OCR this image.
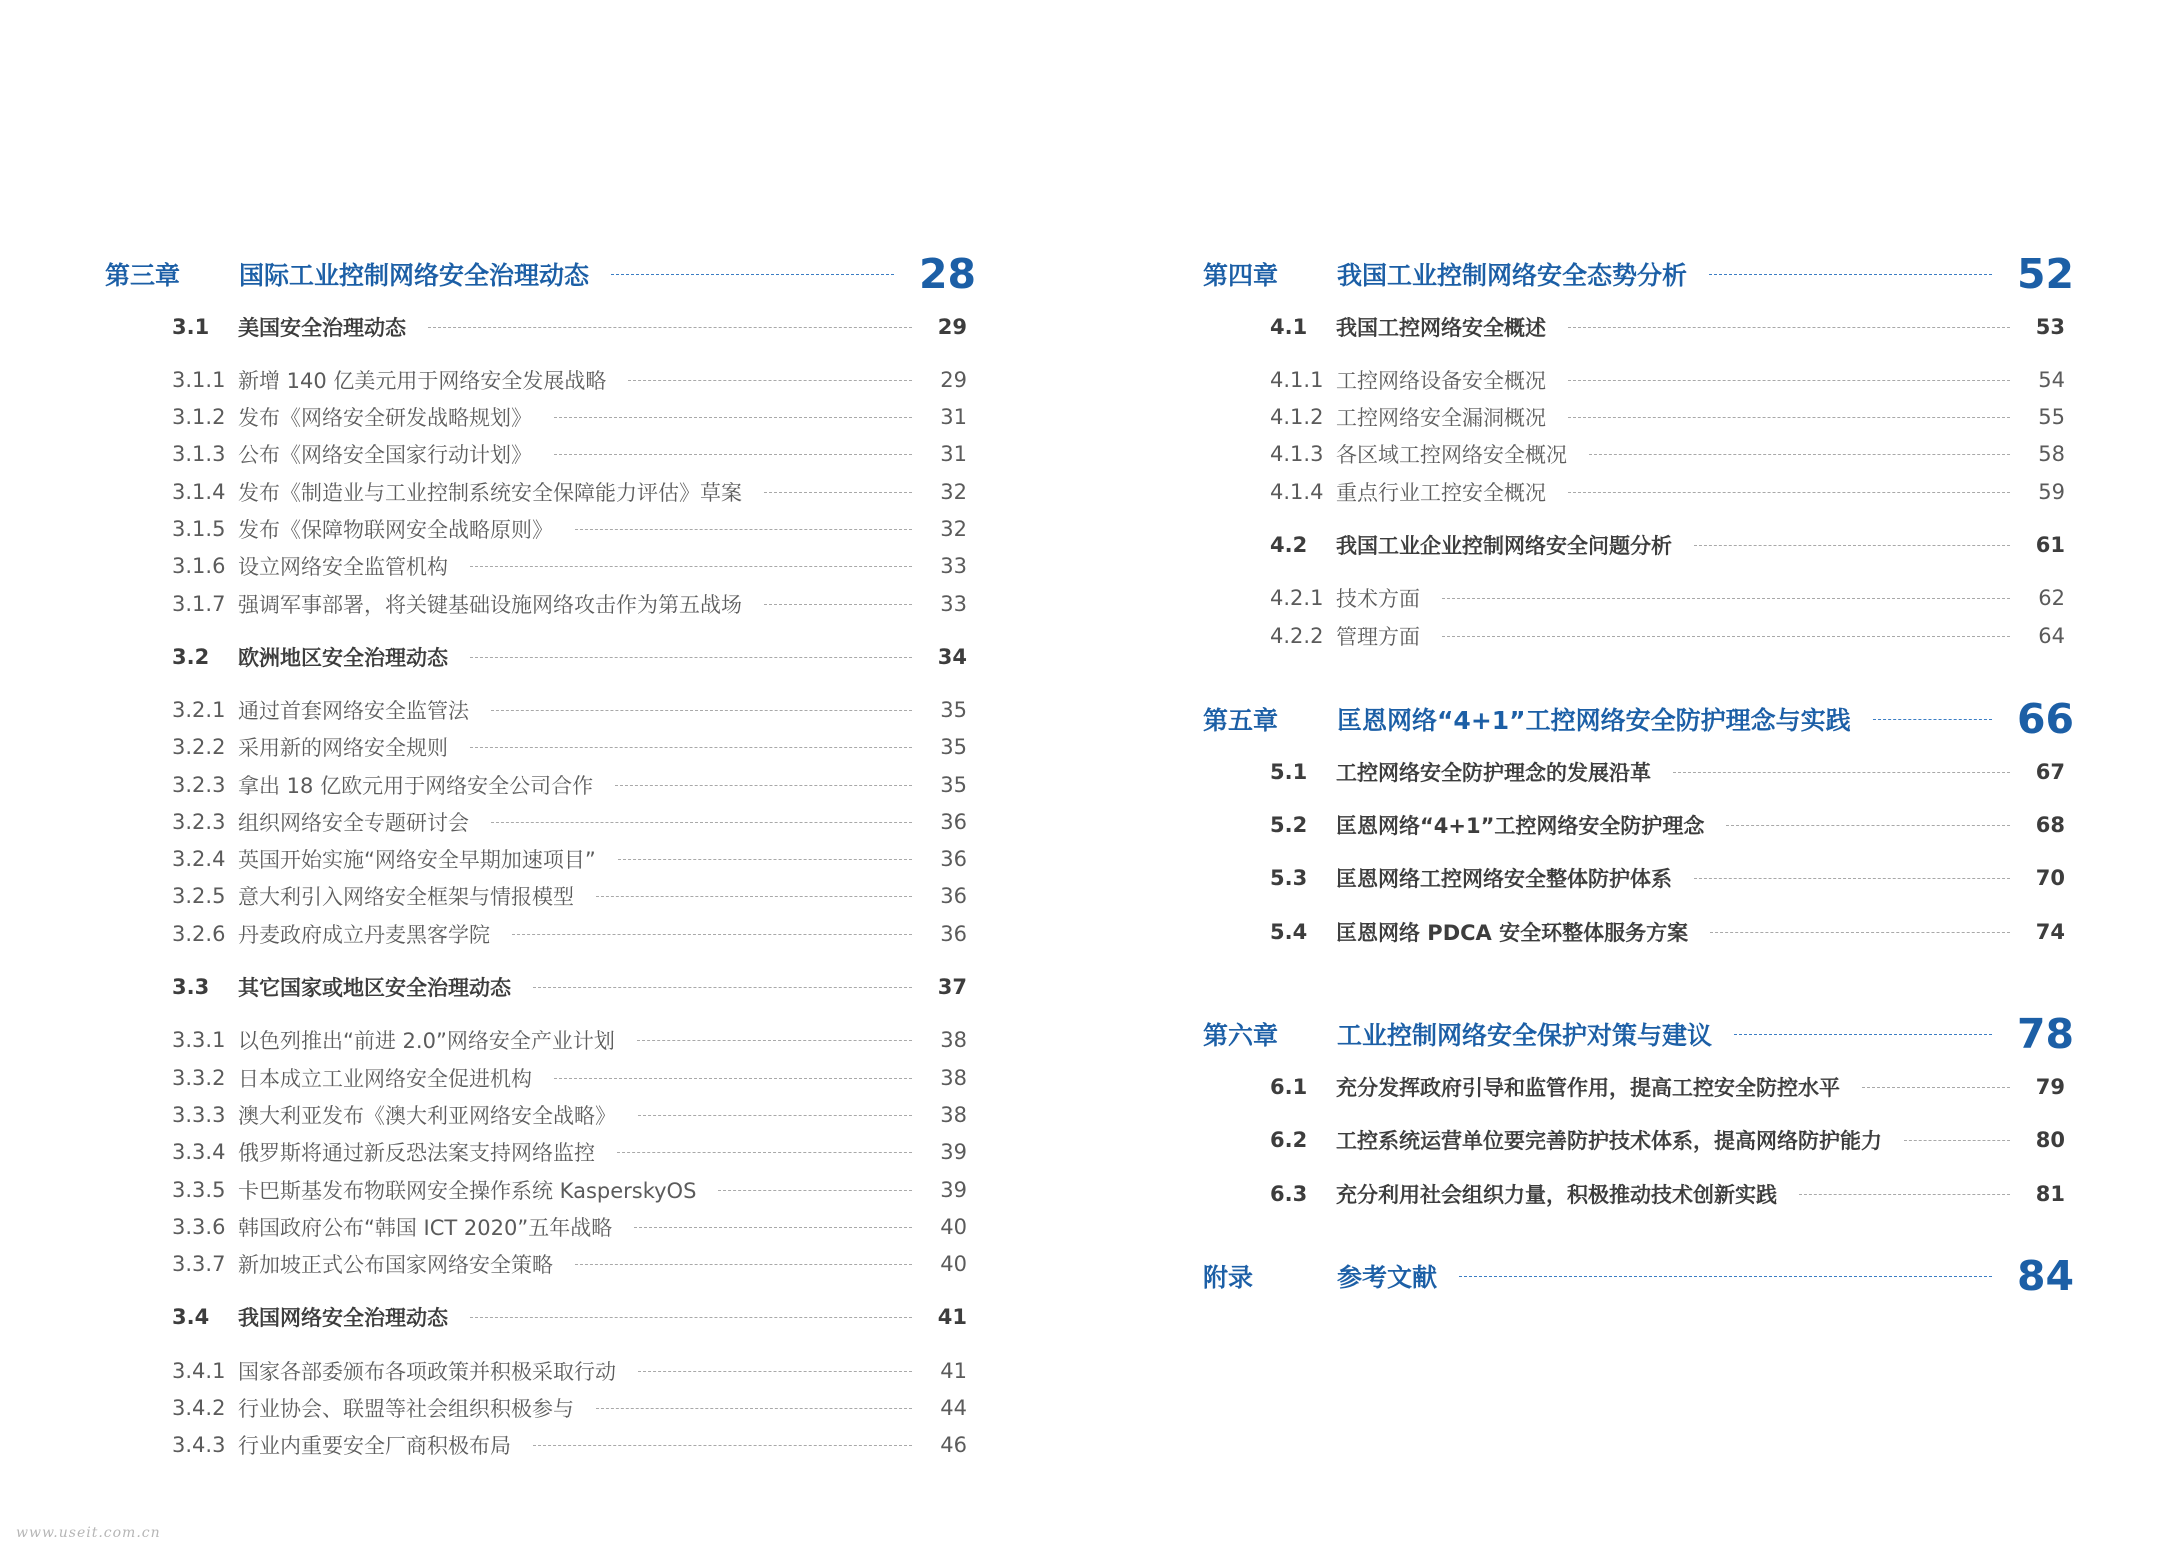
第三章	国际工业控制网络安全治理动态	28
3.1	美国安全治理动态	29
3.1.1 新增 140 亿美元用于网络安全发展战略	29
3.1.2 发布《网络安全研发战略规划》	31
3.1.3 公布《网络安全国家行动计划》	31
3.1.4 发布《制造业与工业控制系统安全保障能力评估》草案	32
3.1.5 发布《保障物联网安全战略原则》	32
3.1.6 设立网络安全监管机构	33
3.1.7 强调军事部署，将关键基础设施网络攻击作为第五战场	33
3.2	欧洲地区安全治理动态	34
3.2.1 通过首套网络安全监管法	35
3.2.2 采用新的网络安全规则	35
3.2.3 拿出 18 亿欧元用于网络安全公司合作	35
3.2.3 组织网络安全专题研讨会	36
3.2.4 英国开始实施“网络安全早期加速项目”	36
3.2.5 意大利引入网络安全框架与情报模型	36
3.2.6 丹麦政府成立丹麦黑客学院	36
3.3	其它国家或地区安全治理动态	37
3.3.1 以色列推出“前进 2.0”网络安全产业计划	38
3.3.2 日本成立工业网络安全促进机构	38
3.3.3 澳大利亚发布《澳大利亚网络安全战略》	38
3.3.4 俄罗斯将通过新反恐法案支持网络监控	39
3.3.5 卡巴斯基发布物联网安全操作系统 KasperskyOS	39
3.3.6 韩国政府公布“韩国 ICT 2020”五年战略	40
3.3.7 新加坡正式公布国家网络安全策略	40
3.4	我国网络安全治理动态	41
3.4.1 国家各部委颁布各项政策并积极采取行动	41
3.4.2 行业协会、联盟等社会组织积极参与	44
3.4.3 行业内重要安全厂商积极布局	46
第四章	我国工业控制网络安全态势分析	52
4.1	我国工控网络安全概述	53
4.1.1 工控网络设备安全概况	54
4.1.2 工控网络安全漏洞概况	55
4.1.3 各区域工控网络安全概况	58
4.1.4 重点行业工控安全概况	59
4.2	我国工业企业控制网络安全问题分析	61
4.2.1 技术方面	62
4.2.2 管理方面	64
第五章	匡恩网络“4+1”工控网络安全防护理念与实践	66
5.1	工控网络安全防护理念的发展沿革	67
5.2	匡恩网络“4+1”工控网络安全防护理念	68
5.3	匡恩网络工控网络安全整体防护体系	70
5.4	匡恩网络 PDCA 安全环整体服务方案	74
第六章	工业控制网络安全保护对策与建议	78
6.1	充分发挥政府引导和监管作用，提高工控安全防控水平	79
6.2	工控系统运营单位要完善防护技术体系，提高网络防护能力	80
6.3	充分利用社会组织力量，积极推动技术创新实践	81
附录	参考文献	84
www.useit.com.cn
